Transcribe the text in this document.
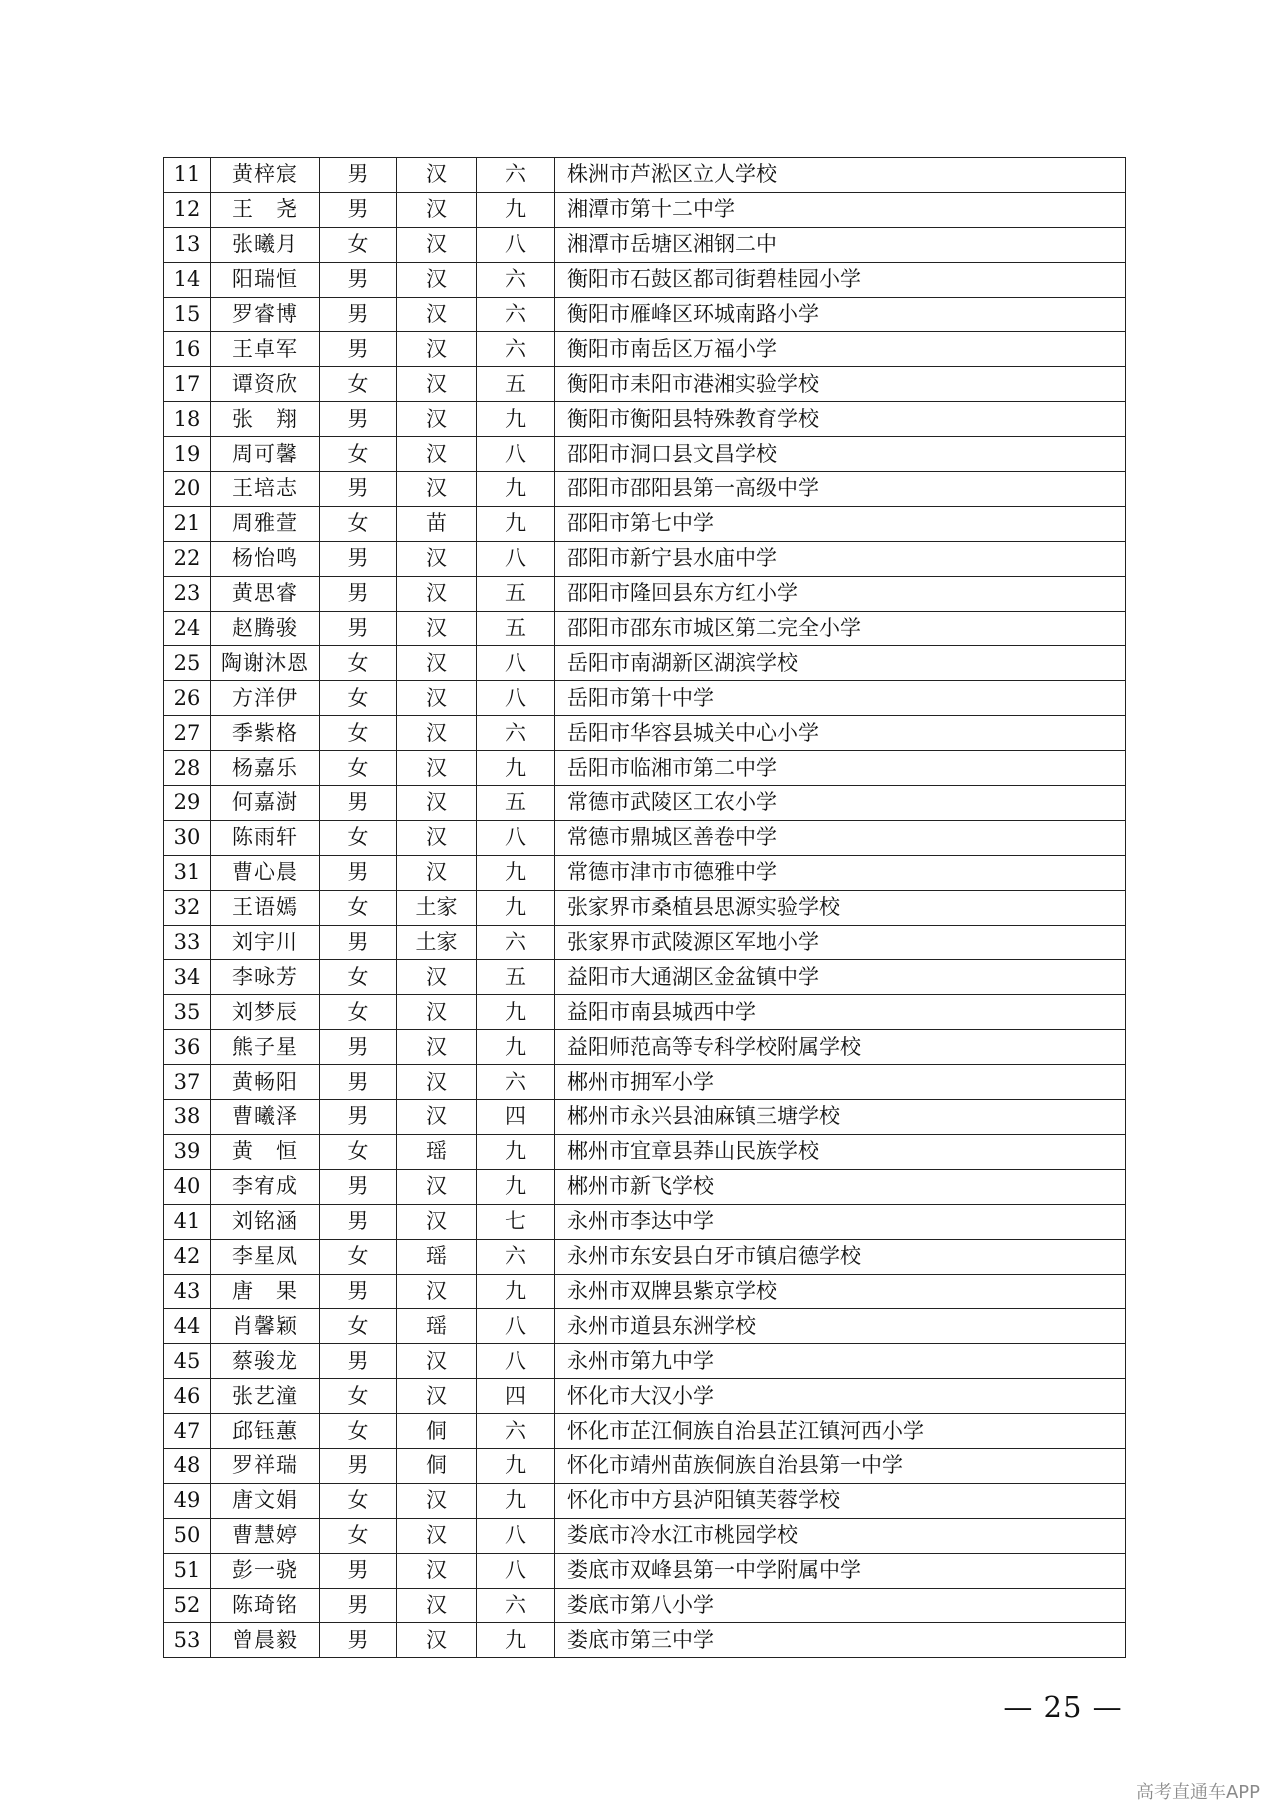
11	黄梓宸	男	汉	六	株洲市芦淞区立人学校
12	王　尧	男	汉	九	湘潭市第十二中学
13	张曦月	女	汉	八	湘潭市岳塘区湘钢二中
14	阳瑞恒	男	汉	六	衡阳市石鼓区都司街碧桂园小学
15	罗睿博	男	汉	六	衡阳市雁峰区环城南路小学
16	王卓军	男	汉	六	衡阳市南岳区万福小学
17	谭资欣	女	汉	五	衡阳市耒阳市港湘实验学校
18	张　翔	男	汉	九	衡阳市衡阳县特殊教育学校
19	周可馨	女	汉	八	邵阳市洞口县文昌学校
20	王培志	男	汉	九	邵阳市邵阳县第一高级中学
21	周雅萱	女	苗	九	邵阳市第七中学
22	杨怡鸣	男	汉	八	邵阳市新宁县水庙中学
23	黄思睿	男	汉	五	邵阳市隆回县东方红小学
24	赵腾骏	男	汉	五	邵阳市邵东市城区第二完全小学
25	陶谢沐恩	女	汉	八	岳阳市南湖新区湖滨学校
26	方洋伊	女	汉	八	岳阳市第十中学
27	季紫格	女	汉	六	岳阳市华容县城关中心小学
28	杨嘉乐	女	汉	九	岳阳市临湘市第二中学
29	何嘉澍	男	汉	五	常德市武陵区工农小学
30	陈雨轩	女	汉	八	常德市鼎城区善卷中学
31	曹心晨	男	汉	九	常德市津市市德雅中学
32	王语嫣	女	土家	九	张家界市桑植县思源实验学校
33	刘宇川	男	土家	六	张家界市武陵源区军地小学
34	李咏芳	女	汉	五	益阳市大通湖区金盆镇中学
35	刘梦辰	女	汉	九	益阳市南县城西中学
36	熊子星	男	汉	九	益阳师范高等专科学校附属学校
37	黄畅阳	男	汉	六	郴州市拥军小学
38	曹曦泽	男	汉	四	郴州市永兴县油麻镇三塘学校
39	黄　恒	女	瑶	九	郴州市宜章县莽山民族学校
40	李宥成	男	汉	九	郴州市新飞学校
41	刘铭涵	男	汉	七	永州市李达中学
42	李星凤	女	瑶	六	永州市东安县白牙市镇启德学校
43	唐　果	男	汉	九	永州市双牌县紫京学校
44	肖馨颖	女	瑶	八	永州市道县东洲学校
45	蔡骏龙	男	汉	八	永州市第九中学
46	张艺潼	女	汉	四	怀化市大汉小学
47	邱钰蕙	女	侗	六	怀化市芷江侗族自治县芷江镇河西小学
48	罗祥瑞	男	侗	九	怀化市靖州苗族侗族自治县第一中学
49	唐文娟	女	汉	九	怀化市中方县泸阳镇芙蓉学校
50	曹慧婷	女	汉	八	娄底市冷水江市桃园学校
51	彭一骁	男	汉	八	娄底市双峰县第一中学附属中学
52	陈琦铭	男	汉	六	娄底市第八小学
53	曾晨毅	男	汉	九	娄底市第三中学
— 25 —
高考直通车APP
